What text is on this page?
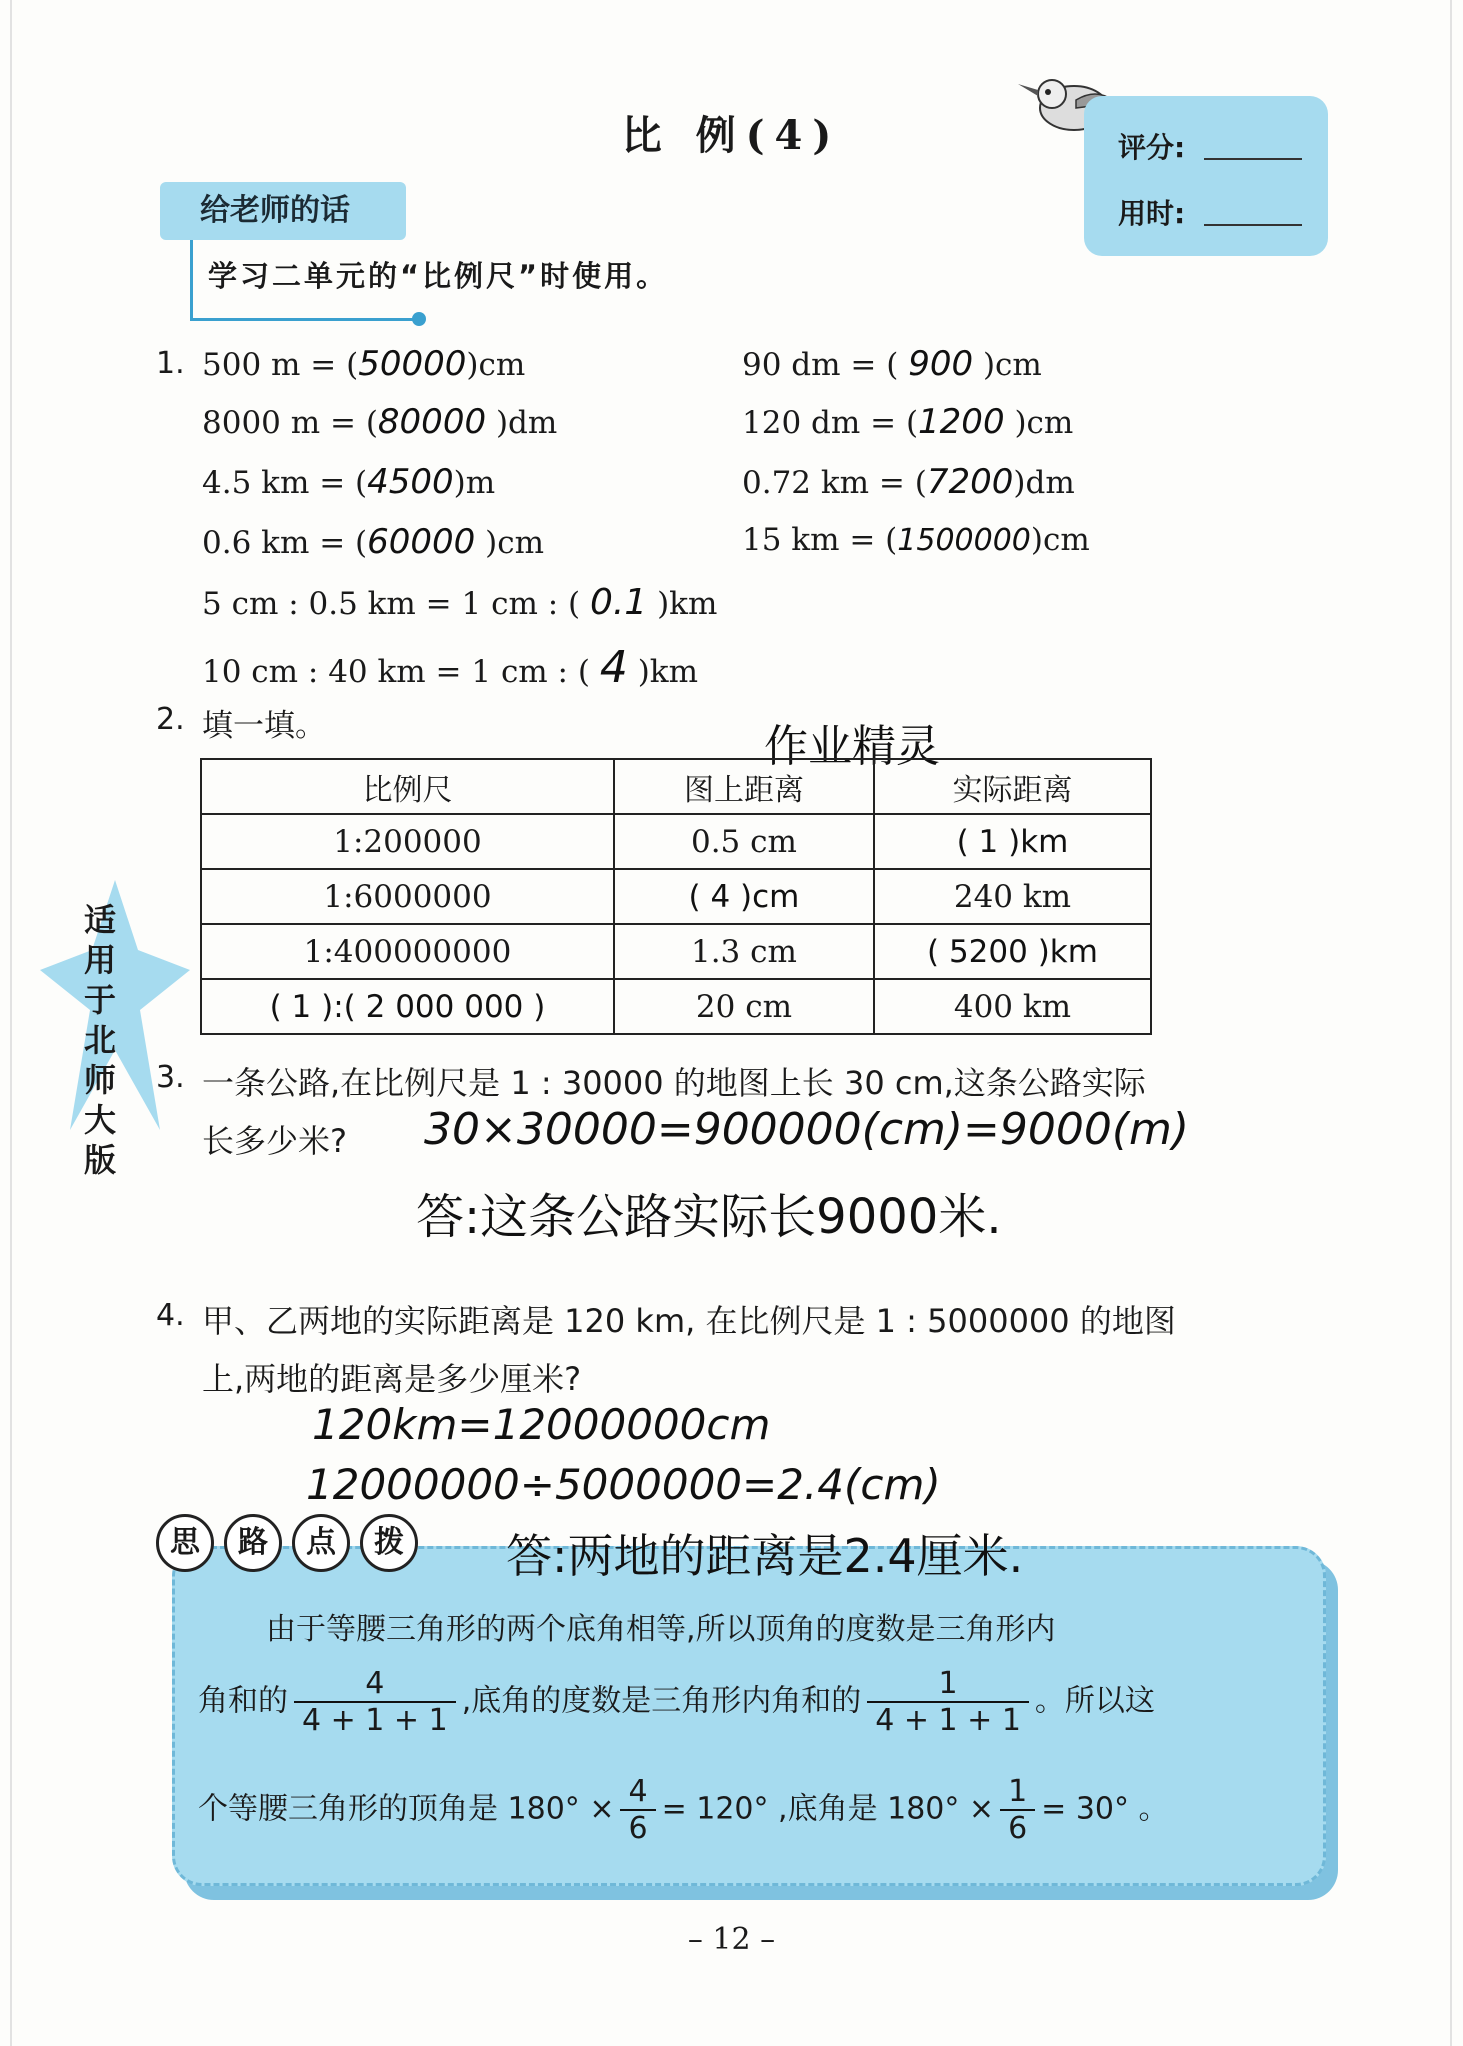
比 例(4)	评分:
用时:
给老师的话
学习二单元的“比例尺”时使用。
1. 500 m = (50000)cm	90 dm = ( 900 )cm
8000 m = (80000 )dm	120 dm = (1200 )cm
4.5 km = (4500)m	0.72 km = (7200)dm
0.6 km = (60000 )cm	15 km = (1500000)cm
5 cm : 0.5 km = 1 cm : ( 0.1 )km
10 cm : 40 km = 1 cm : ( 4 )km
2. 填一填。	作业精灵
比例尺	图上距离	实际距离
1:200000	0.5 cm	( 1 )km
1:6000000	( 4 )cm	240 km
1:400000000	1.3 cm	( 5200 )km
( 1 ):( 2 000 000 )	20 cm	400 km
适
用
于
北
师
大
版
3. 一条公路,在比例尺是 1 : 30000 的地图上长 30 cm,这条公路实际
长多少米? 30×30000=900000(cm)=9000(m)
答:这条公路实际长9000米.
4. 甲、乙两地的实际距离是 120 km, 在比例尺是 1 : 5000000 的地图
上,两地的距离是多少厘米?
120km=12000000cm
12000000÷5000000=2.4(cm)
思 路 点 拨	答:两地的距离是2.4厘米.
由于等腰三角形的两个底角相等,所以顶角的度数是三角形内
角和的 $\frac{4}{4 + 1 + 1}$ ,底角的度数是三角形内角和的 $\frac{1}{4 + 1 + 1}$ 。所以这
个等腰三角形的顶角是 $180^\circ \times \frac{4}{6} = 120^\circ$ ,底角是 $180^\circ \times \frac{1}{6} = 30^\circ$ 。
– 12 –
